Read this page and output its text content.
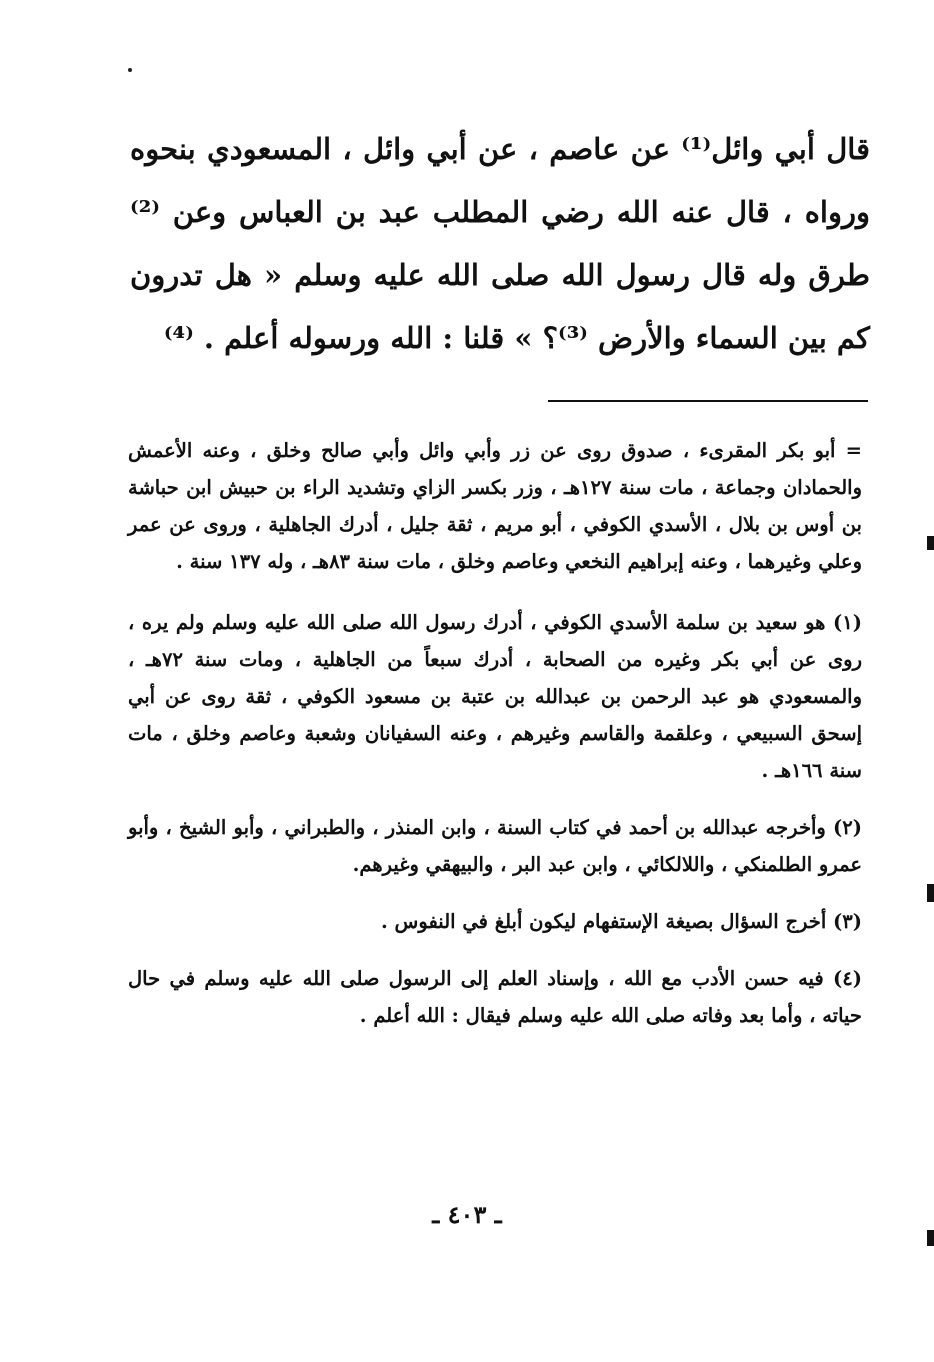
قال أبي وائل⁽¹⁾ عن عاصم ، عن أبي وائل ، المسعودي بنحوه ورواه ، قال عنه الله رضي المطلب عبد بن العباس وعن ⁽²⁾ طرق وله قال رسول الله صلى الله عليه وسلم « هل تدرون كم بين السماء والأرض ⁽³⁾؟ » قلنا : الله ورسوله أعلم . ⁽⁴⁾

= أبو بكر المقرىء ، صدوق روى عن زر وأبي وائل وأبي صالح وخلق ، وعنه الأعمش والحمادان وجماعة ، مات سنة ١٢٧هـ ، وزر بكسر الزاي وتشديد الراء بن حبيش ابن حباشة بن أوس بن بلال ، الأسدي الكوفي ، أبو مريم ، ثقة جليل ، أدرك الجاهلية ، وروى عن عمر وعلي وغيرهما ، وعنه إبراهيم النخعي وعاصم وخلق ، مات سنة ٨٣هـ ، وله ١٣٧ سنة .

(١) هو سعيد بن سلمة الأسدي الكوفي ، أدرك رسول الله صلى الله عليه وسلم ولم يره ، روى عن أبي بكر وغيره من الصحابة ، أدرك سبعاً من الجاهلية ، ومات سنة ٧٢هـ ، والمسعودي هو عبد الرحمن بن عبدالله بن عتبة بن مسعود الكوفي ، ثقة روى عن أبي إسحق السبيعي ، وعلقمة والقاسم وغيرهم ، وعنه السفيانان وشعبة وعاصم وخلق ، مات سنة ١٦٦هـ .

(٢) وأخرجه عبدالله بن أحمد في كتاب السنة ، وابن المنذر ، والطبراني ، وأبو الشيخ ، وأبو عمرو الطلمنكي ، واللالكائي ، وابن عبد البر ، والبيهقي وغيرهم.

(٣) أخرج السؤال بصيغة الإستفهام ليكون أبلغ في النفوس .

(٤) فيه حسن الأدب مع الله ، وإسناد العلم إلى الرسول صلى الله عليه وسلم في حال حياته ، وأما بعد وفاته صلى الله عليه وسلم فيقال : الله أعلم .

ـ ٤٠٣ ـ
